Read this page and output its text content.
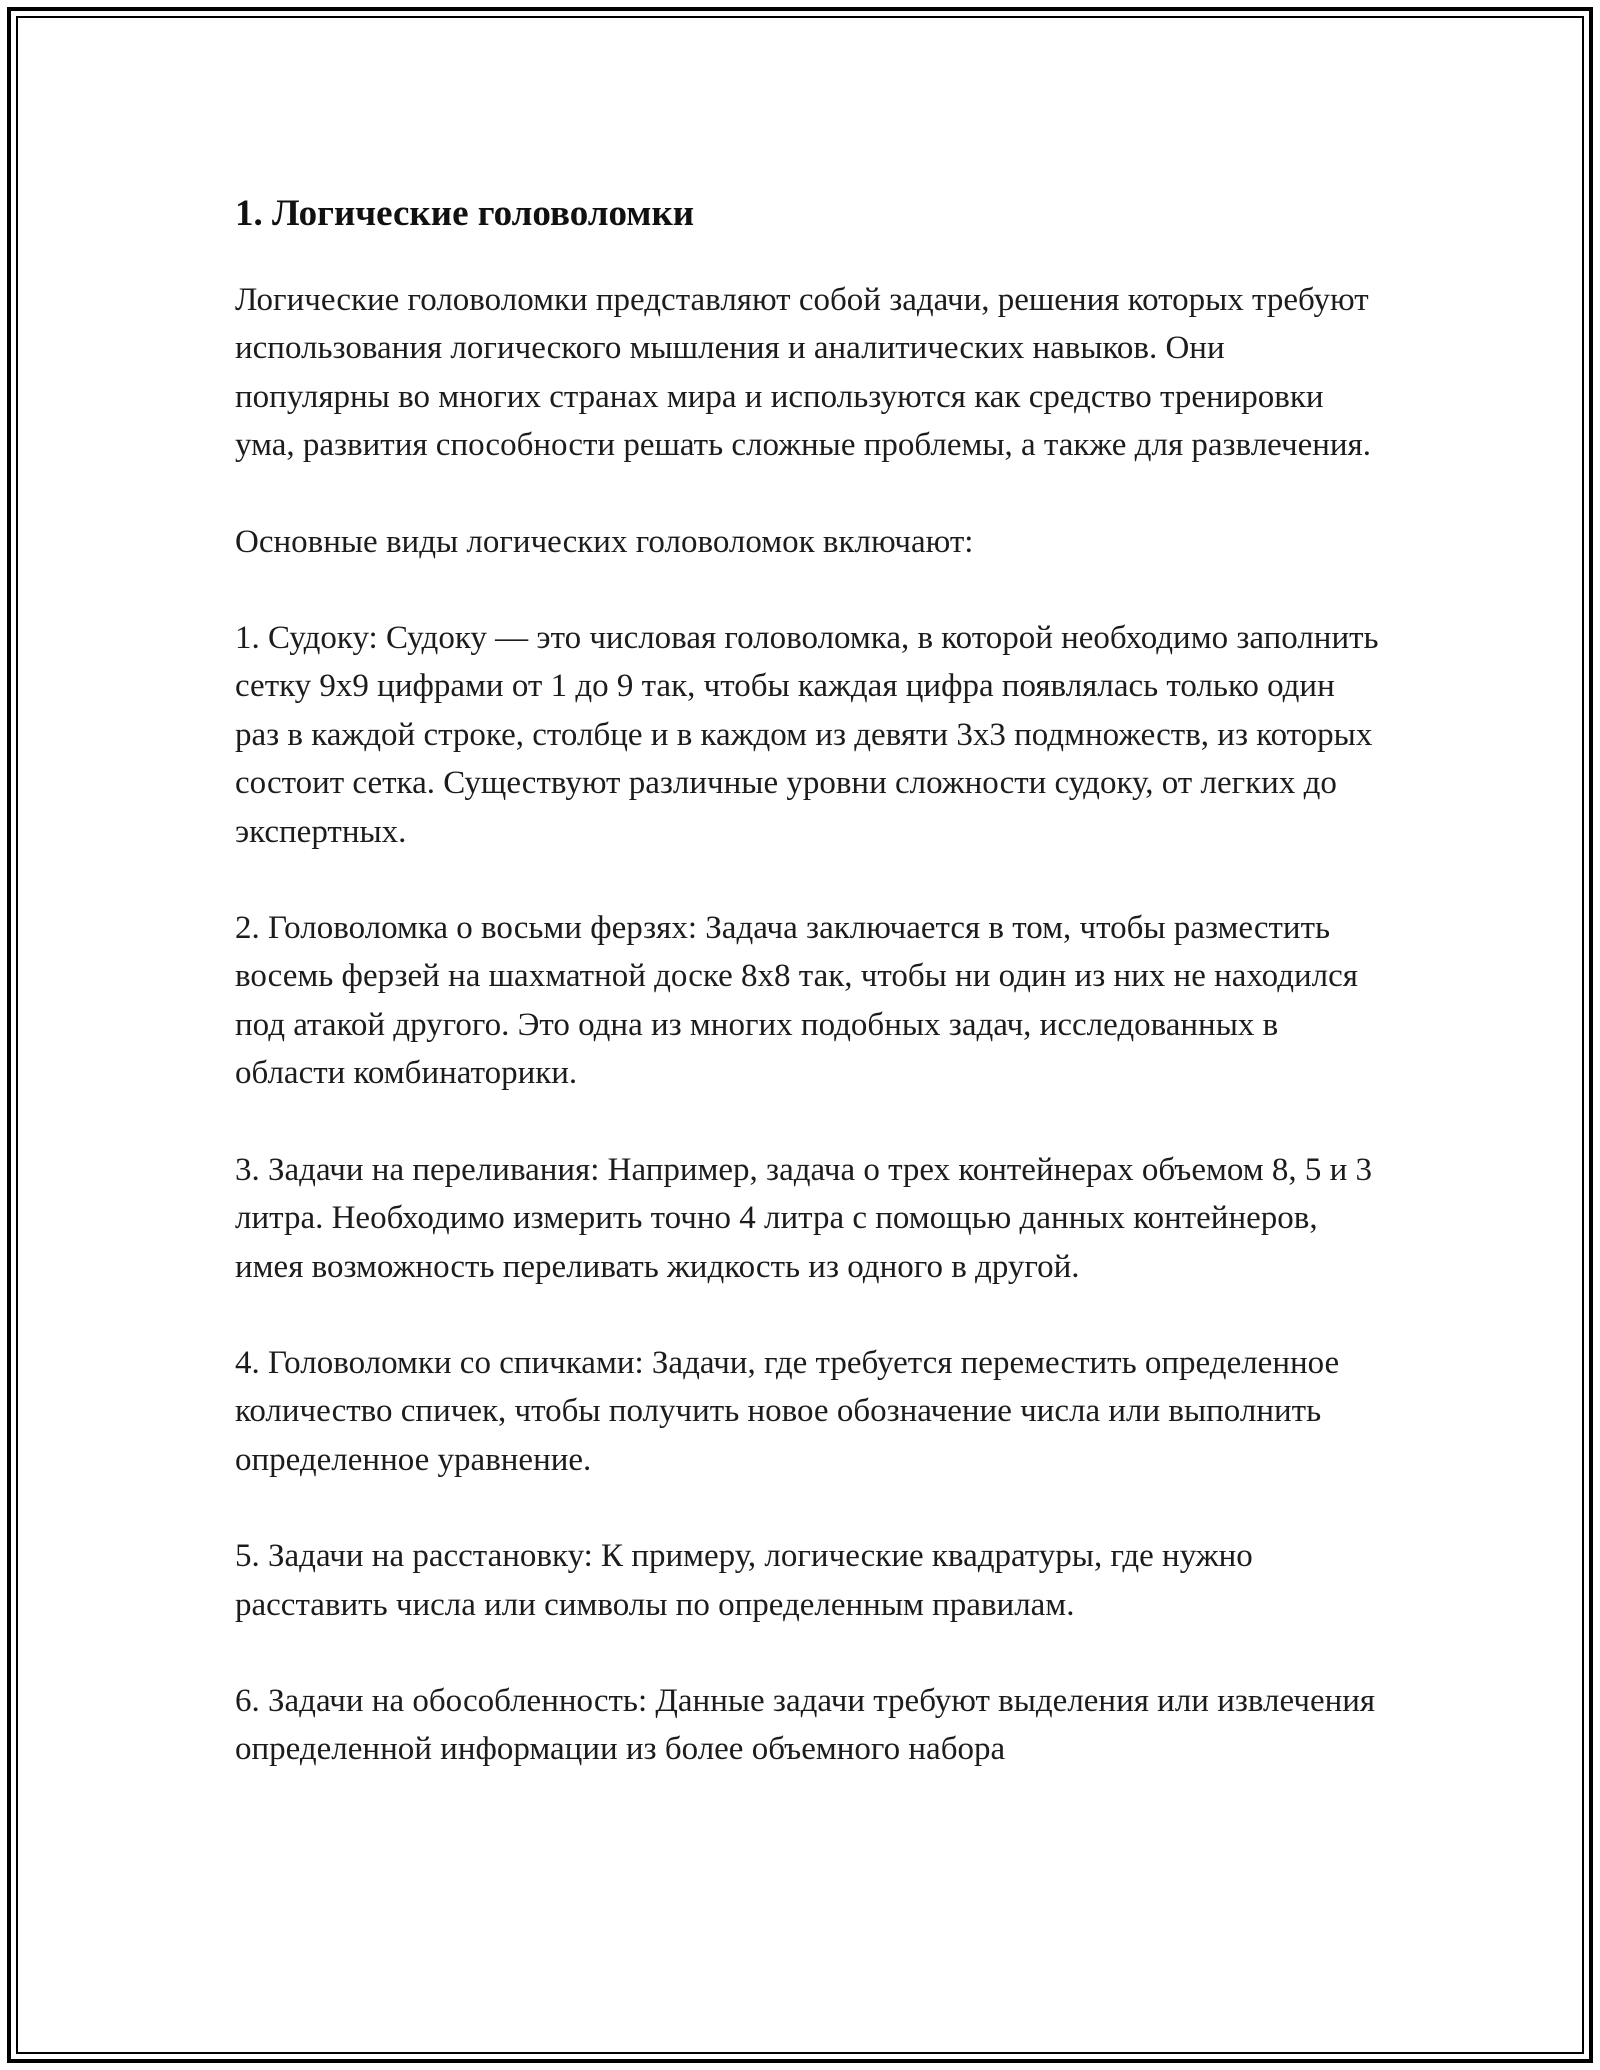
1. Логические головоломки

Логические головоломки представляют собой задачи, решения которых требуют использования логического мышления и аналитических навыков. Они популярны во многих странах мира и используются как средство тренировки ума, развития способности решать сложные проблемы, а также для развлечения.

Основные виды логических головоломок включают:

1. Судоку: Судоку — это числовая головоломка, в которой необходимо заполнить сетку 9x9 цифрами от 1 до 9 так, чтобы каждая цифра появлялась только один раз в каждой строке, столбце и в каждом из девяти 3x3 подмножеств, из которых состоит сетка. Существуют различные уровни сложности судоку, от легких до экспертных.

2. Головоломка о восьми ферзях: Задача заключается в том, чтобы разместить восемь ферзей на шахматной доске 8x8 так, чтобы ни один из них не находился под атакой другого. Это одна из многих подобных задач, исследованных в области комбинаторики.

3. Задачи на переливания: Например, задача о трех контейнерах объемом 8, 5 и 3 литра. Необходимо измерить точно 4 литра с помощью данных контейнеров, имея возможность переливать жидкость из одного в другой.

4. Головоломки со спичками: Задачи, где требуется переместить определенное количество спичек, чтобы получить новое обозначение числа или выполнить определенное уравнение.

5. Задачи на расстановку: К примеру, логические квадратуры, где нужно расставить числа или символы по определенным правилам.

6. Задачи на обособленность: Данные задачи требуют выделения или извлечения определенной информации из более объемного набора
